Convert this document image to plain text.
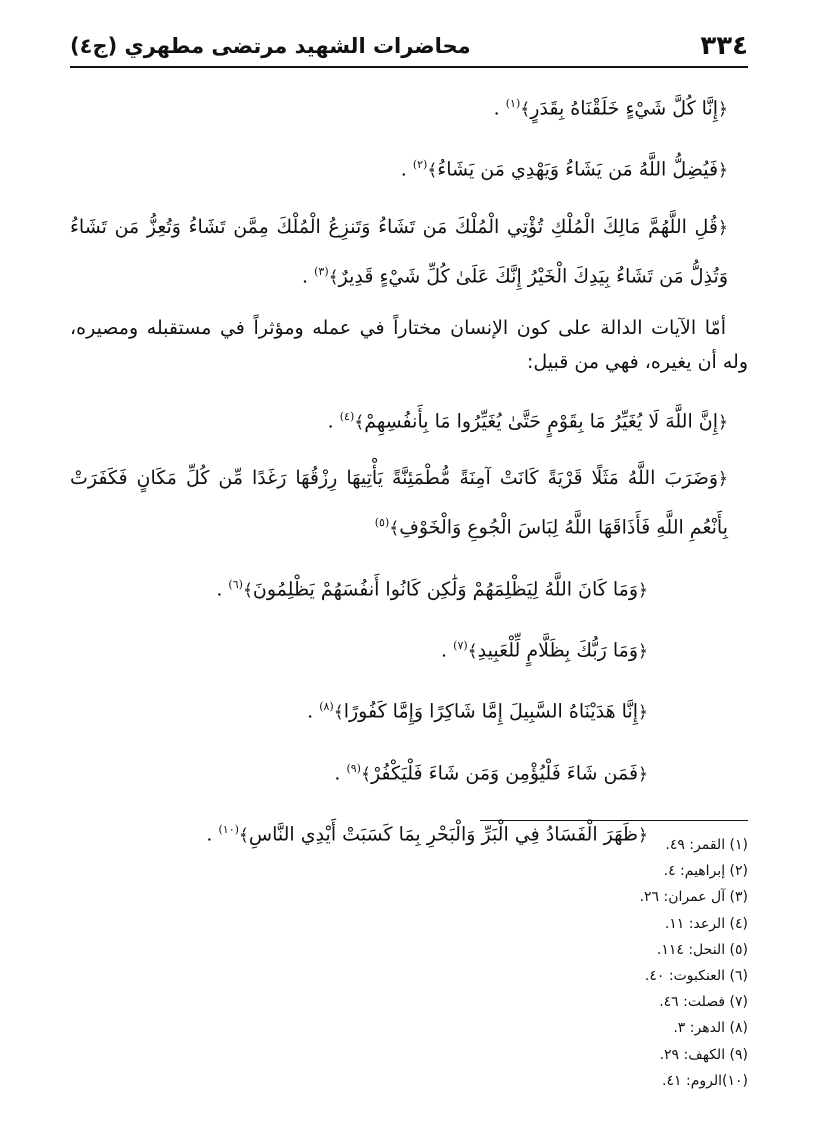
٣٣٤
محاضرات الشهيد مرتضى مطهري (ج٤)

﴿إِنَّا كُلَّ شَيْءٍ خَلَقْنَاهُ بِقَدَرٍ﴾$^{(١)}$ .

﴿فَيُضِلُّ اللَّهُ مَن يَشَاءُ وَيَهْدِي مَن يَشَاءُ﴾$^{(٢)}$ .

﴿قُلِ اللَّهُمَّ مَالِكَ الْمُلْكِ تُؤْتِي الْمُلْكَ مَن تَشَاءُ وَتَنزِعُ الْمُلْكَ مِمَّن تَشَاءُ وَتُعِزُّ مَن تَشَاءُ وَتُذِلُّ مَن تَشَاءُ بِيَدِكَ الْخَيْرُ إِنَّكَ عَلَىٰ كُلِّ شَيْءٍ قَدِيرٌ﴾$^{(٣)}$ .

أمّا الآيات الدالة على كون الإنسان مختاراً في عمله ومؤثراً في مستقبله ومصيره، وله أن يغيره، فهي من قبيل:

﴿إِنَّ اللَّهَ لَا يُغَيِّرُ مَا بِقَوْمٍ حَتَّىٰ يُغَيِّرُوا مَا بِأَنفُسِهِمْ﴾$^{(٤)}$ .

﴿وَضَرَبَ اللَّهُ مَثَلًا قَرْيَةً كَانَتْ آمِنَةً مُّطْمَئِنَّةً يَأْتِيهَا رِزْقُهَا رَغَدًا مِّن كُلِّ مَكَانٍ فَكَفَرَتْ بِأَنْعُمِ اللَّهِ فَأَذَاقَهَا اللَّهُ لِبَاسَ الْجُوعِ وَالْخَوْفِ﴾$^{(٥)}$

﴿وَمَا كَانَ اللَّهُ لِيَظْلِمَهُمْ وَلَٰكِن كَانُوا أَنفُسَهُمْ يَظْلِمُونَ﴾$^{(٦)}$ .

﴿وَمَا رَبُّكَ بِظَلَّامٍ لِّلْعَبِيدِ﴾$^{(٧)}$ .

﴿إِنَّا هَدَيْنَاهُ السَّبِيلَ إِمَّا شَاكِرًا وَإِمَّا كَفُورًا﴾$^{(٨)}$ .

﴿فَمَن شَاءَ فَلْيُؤْمِن وَمَن شَاءَ فَلْيَكْفُرْ﴾$^{(٩)}$ .

﴿ظَهَرَ الْفَسَادُ فِي الْبَرِّ وَالْبَحْرِ بِمَا كَسَبَتْ أَيْدِي النَّاسِ﴾$^{(١٠)}$ .	(١) القمر: ٤٩.
(٢) إبراهيم: ٤.
(٣) آل عمران: ٢٦.
(٤) الرعد: ١١.
(٥) النحل: ١١٤.
(٦) العنكبوت: ٤٠.
(٧) فصلت: ٤٦.
(٨) الدهر: ٣.
(٩) الكهف: ٢٩.
(١٠)الروم: ٤١.
